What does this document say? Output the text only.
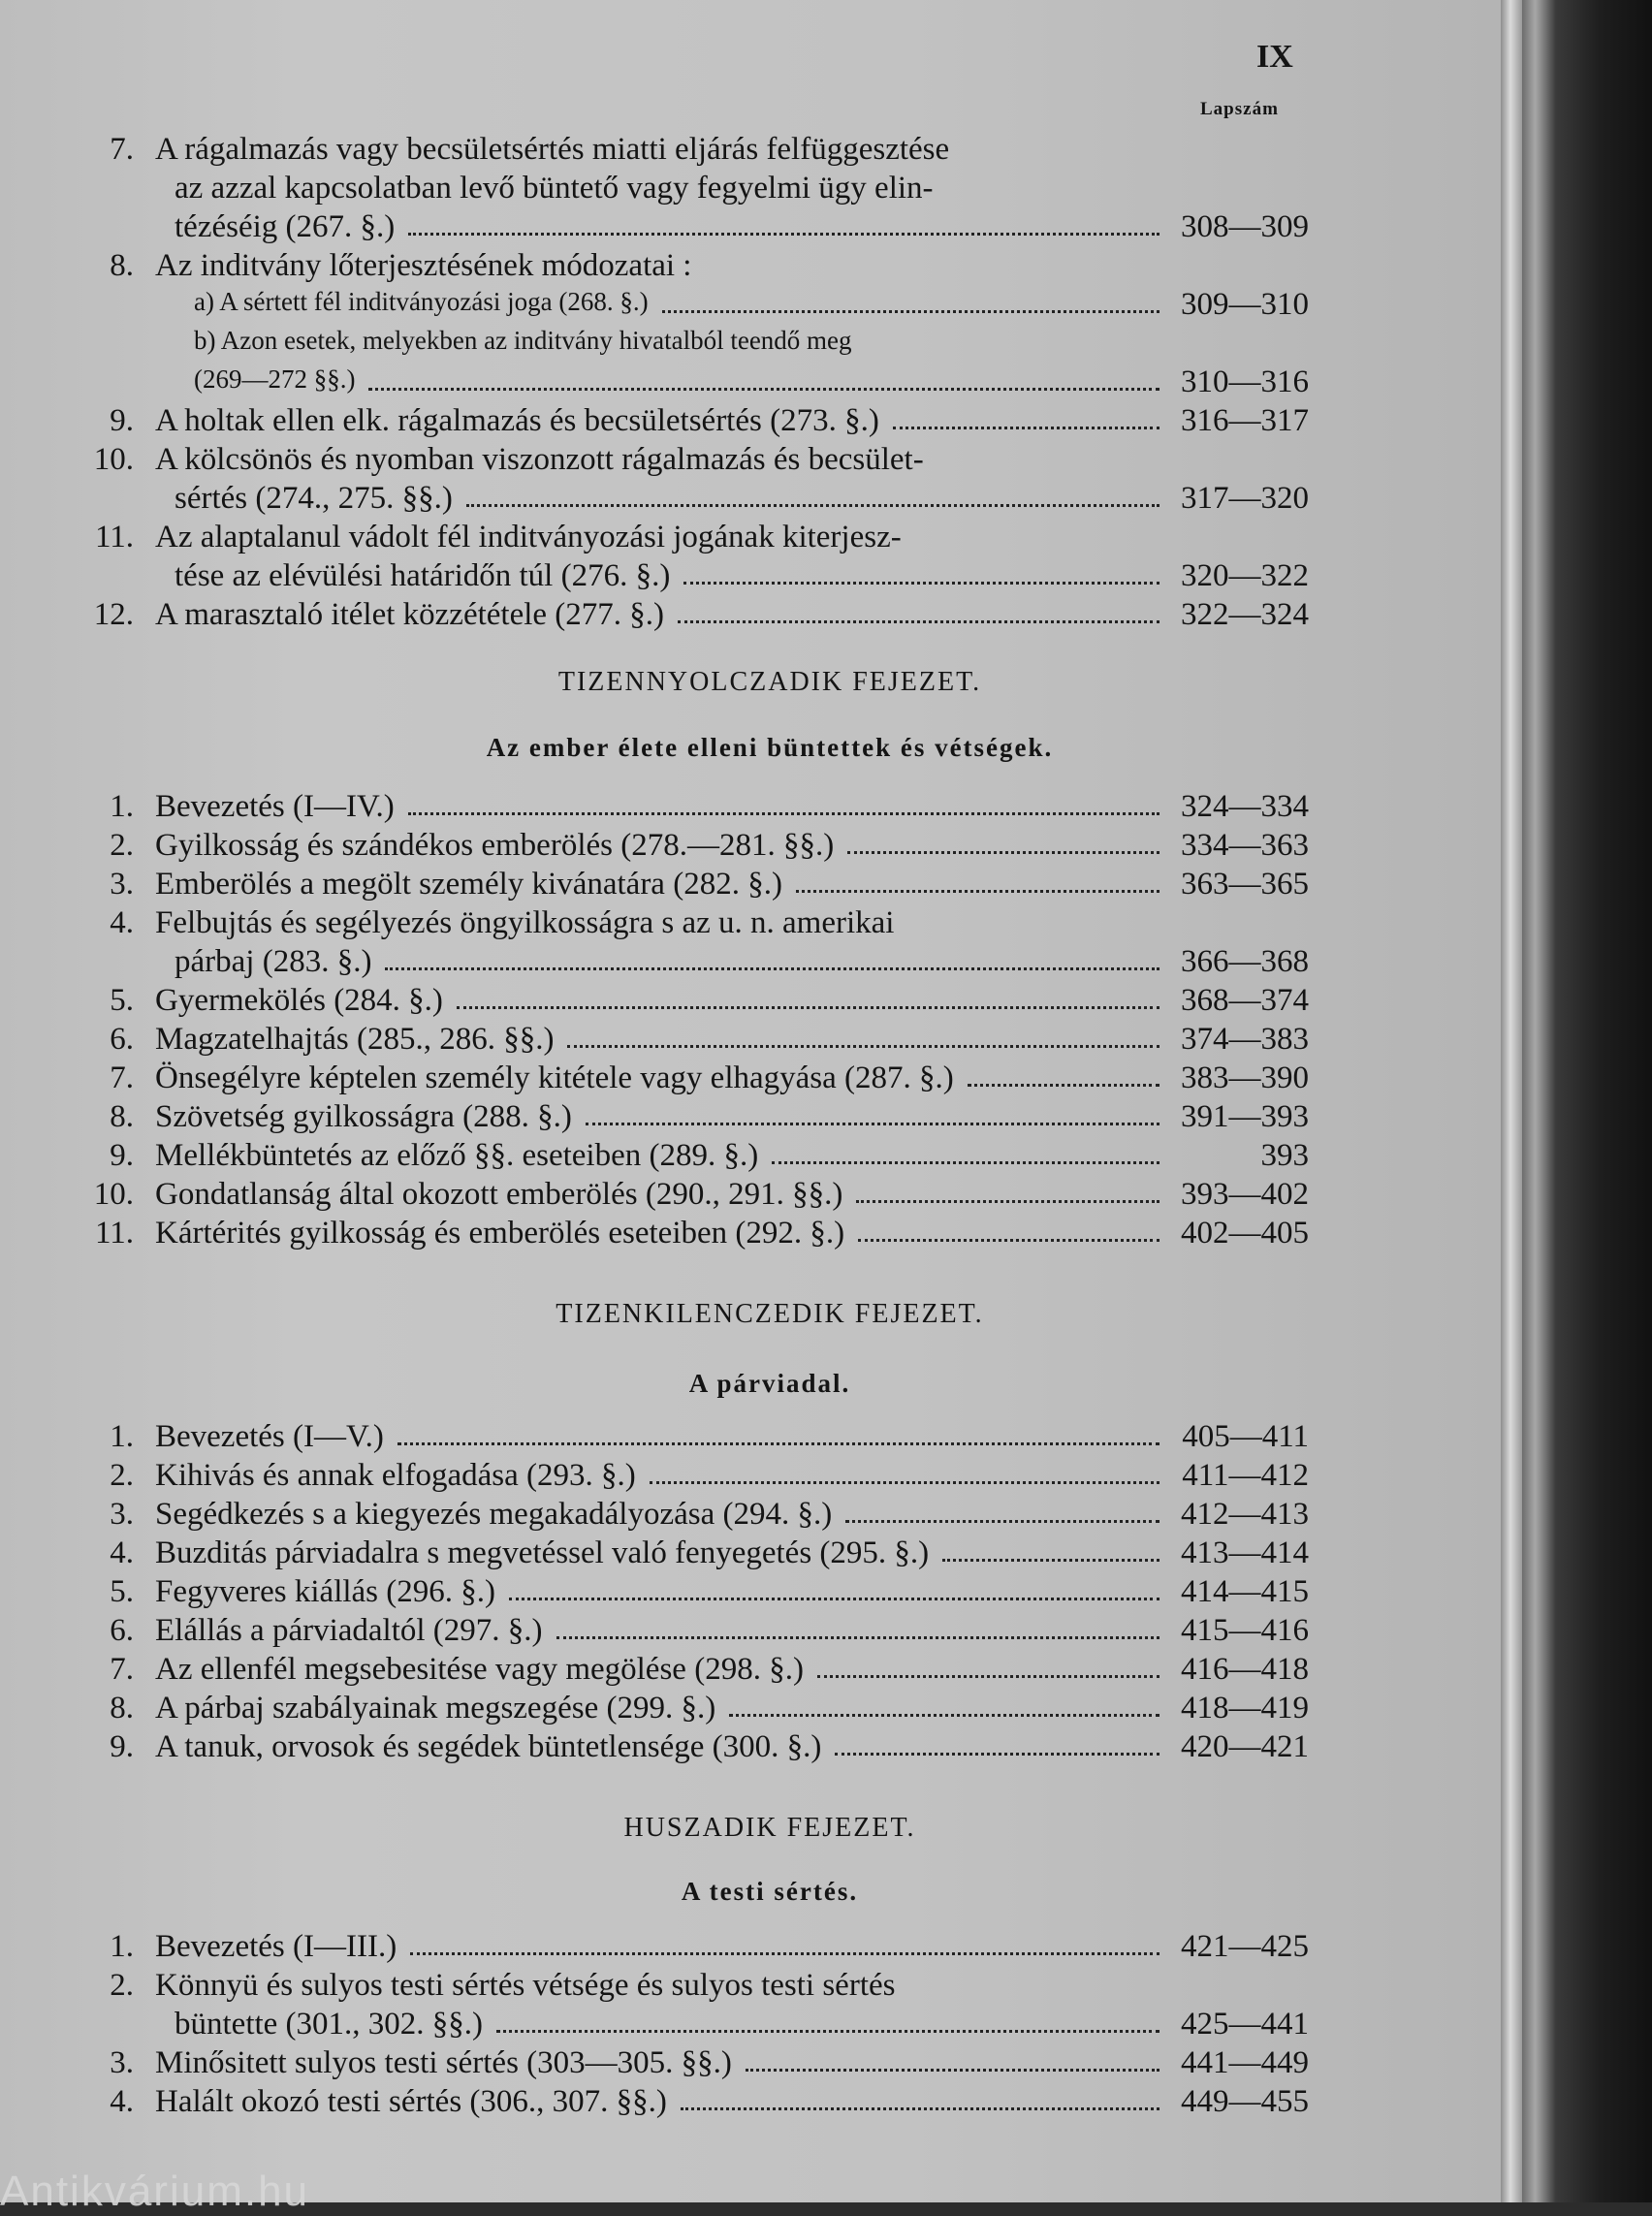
IX
Lapszám
TIZENNYOLCZADIK FEJEZET.
Az ember élete elleni büntettek és vétségek.
TIZENKILENCZEDIK FEJEZET.
A párviadal.
HUSZADIK FEJEZET.
A testi sértés.
Antikvárium.hu
7. A rágalmazás vagy becsületsértés miatti eljárás felfüggesztése
az azzal kapcsolatban levő büntető vagy fegyelmi ügy elin-
tézéséig (267. §.)	308—309
8. Az inditvány lőterjesztésének módozatai :
a) A sértett fél inditványozási joga (268. §.)	309—310
b) Azon esetek, melyekben az inditvány hivatalból teendő meg
(269—272 §§.)	310—316
9. A holtak ellen elk. rágalmazás és becsületsértés (273. §.)	316—317
10. A kölcsönös és nyomban viszonzott rágalmazás és becsület-
sértés (274., 275. §§.)	317—320
11. Az alaptalanul vádolt fél inditványozási jogának kiterjesz-
tése az elévülési határidőn túl (276. §.)	320—322
12. A marasztaló itélet közzététele (277. §.)	322—324
1. Bevezetés (I—IV.)	324—334
2. Gyilkosság és szándékos emberölés (278.—281. §§.)	334—363
3. Emberölés a megölt személy kivánatára (282. §.)	363—365
4. Felbujtás és segélyezés öngyilkosságra s az u. n. amerikai
párbaj (283. §.)	366—368
5. Gyermekölés (284. §.)	368—374
6. Magzatelhajtás (285., 286. §§.)	374—383
7. Önsegélyre képtelen személy kitétele vagy elhagyása (287. §.)	383—390
8. Szövetség gyilkosságra (288. §.)	391—393
9. Mellékbüntetés az előző §§. eseteiben (289. §.)	393
10. Gondatlanság által okozott emberölés (290., 291. §§.)	393—402
11. Kártérités gyilkosság és emberölés eseteiben (292. §.)	402—405
1. Bevezetés (I—V.)	405—411
2. Kihivás és annak elfogadása (293. §.)	411—412
3. Segédkezés s a kiegyezés megakadályozása (294. §.)	412—413
4. Buzditás párviadalra s megvetéssel való fenyegetés (295. §.)	413—414
5. Fegyveres kiállás (296. §.)	414—415
6. Elállás a párviadaltól (297. §.)	415—416
7. Az ellenfél megsebesitése vagy megölése (298. §.)	416—418
8. A párbaj szabályainak megszegése (299. §.)	418—419
9. A tanuk, orvosok és segédek büntetlensége (300. §.)	420—421
1. Bevezetés (I—III.)	421—425
2. Könnyü és sulyos testi sértés vétsége és sulyos testi sértés
büntette (301., 302. §§.)	425—441
3. Minősitett sulyos testi sértés (303—305. §§.)	441—449
4. Halált okozó testi sértés (306., 307. §§.)	449—455
